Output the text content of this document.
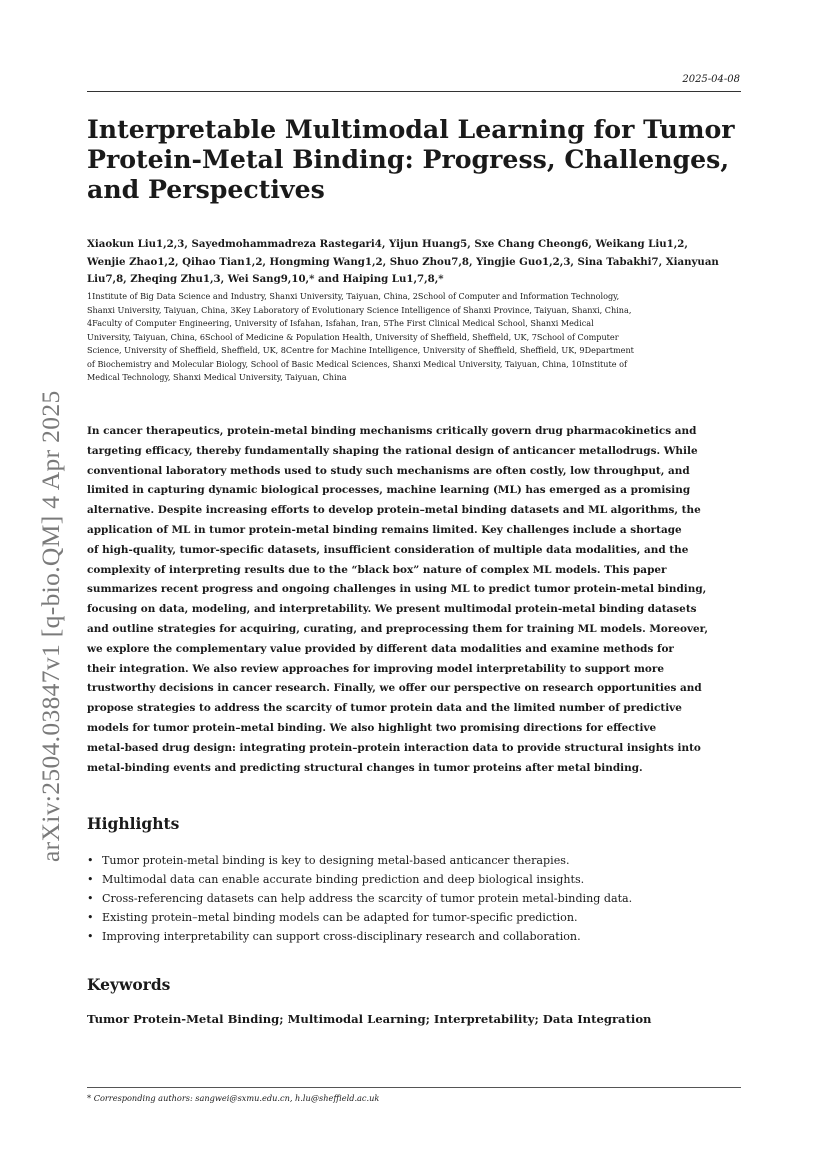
2025-04-08
arXiv:2504.03847v1 [q-bio.QM] 4 Apr 2025
Interpretable Multimodal Learning for Tumor
Protein-Metal Binding: Progress, Challenges,
and Perspectives
Xiaokun Liu1,2,3, Sayedmohammadreza Rastegari4, Yijun Huang5, Sxe Chang Cheong6, Weikang Liu1,2,
Wenjie Zhao1,2, Qihao Tian1,2, Hongming Wang1,2, Shuo Zhou7,8, Yingjie Guo1,2,3, Sina Tabakhi7, Xianyuan
Liu7,8, Zheqing Zhu1,3, Wei Sang9,10,* and Haiping Lu1,7,8,*
1Institute of Big Data Science and Industry, Shanxi University, Taiyuan, China, 2School of Computer and Information Technology,
Shanxi University, Taiyuan, China, 3Key Laboratory of Evolutionary Science Intelligence of Shanxi Province, Taiyuan, Shanxi, China,
4Faculty of Computer Engineering, University of Isfahan, Isfahan, Iran, 5The First Clinical Medical School, Shanxi Medical
University, Taiyuan, China, 6School of Medicine & Population Health, University of Sheffield, Sheffield, UK, 7School of Computer
Science, University of Sheffield, Sheffield, UK, 8Centre for Machine Intelligence, University of Sheffield, Sheffield, UK, 9Department
of Biochemistry and Molecular Biology, School of Basic Medical Sciences, Shanxi Medical University, Taiyuan, China, 10Institute of
Medical Technology, Shanxi Medical University, Taiyuan, China
In cancer therapeutics, protein-metal binding mechanisms critically govern drug pharmacokinetics and
targeting efficacy, thereby fundamentally shaping the rational design of anticancer metallodrugs. While
conventional laboratory methods used to study such mechanisms are often costly, low throughput, and
limited in capturing dynamic biological processes, machine learning (ML) has emerged as a promising
alternative. Despite increasing efforts to develop protein–metal binding datasets and ML algorithms, the
application of ML in tumor protein-metal binding remains limited. Key challenges include a shortage
of high-quality, tumor-specific datasets, insufficient consideration of multiple data modalities, and the
complexity of interpreting results due to the “black box” nature of complex ML models. This paper
summarizes recent progress and ongoing challenges in using ML to predict tumor protein-metal binding,
focusing on data, modeling, and interpretability. We present multimodal protein-metal binding datasets
and outline strategies for acquiring, curating, and preprocessing them for training ML models. Moreover,
we explore the complementary value provided by different data modalities and examine methods for
their integration. We also review approaches for improving model interpretability to support more
trustworthy decisions in cancer research. Finally, we offer our perspective on research opportunities and
propose strategies to address the scarcity of tumor protein data and the limited number of predictive
models for tumor protein–metal binding. We also highlight two promising directions for effective
metal-based drug design: integrating protein–protein interaction data to provide structural insights into
metal-binding events and predicting structural changes in tumor proteins after metal binding.
Highlights
• Tumor protein-metal binding is key to designing metal-based anticancer therapies.
• Multimodal data can enable accurate binding prediction and deep biological insights.
• Cross-referencing datasets can help address the scarcity of tumor protein metal-binding data.
• Existing protein–metal binding models can be adapted for tumor-specific prediction.
• Improving interpretability can support cross-disciplinary research and collaboration.
Keywords
Tumor Protein-Metal Binding; Multimodal Learning; Interpretability; Data Integration
* Corresponding authors: sangwei@sxmu.edu.cn, h.lu@sheffield.ac.uk
